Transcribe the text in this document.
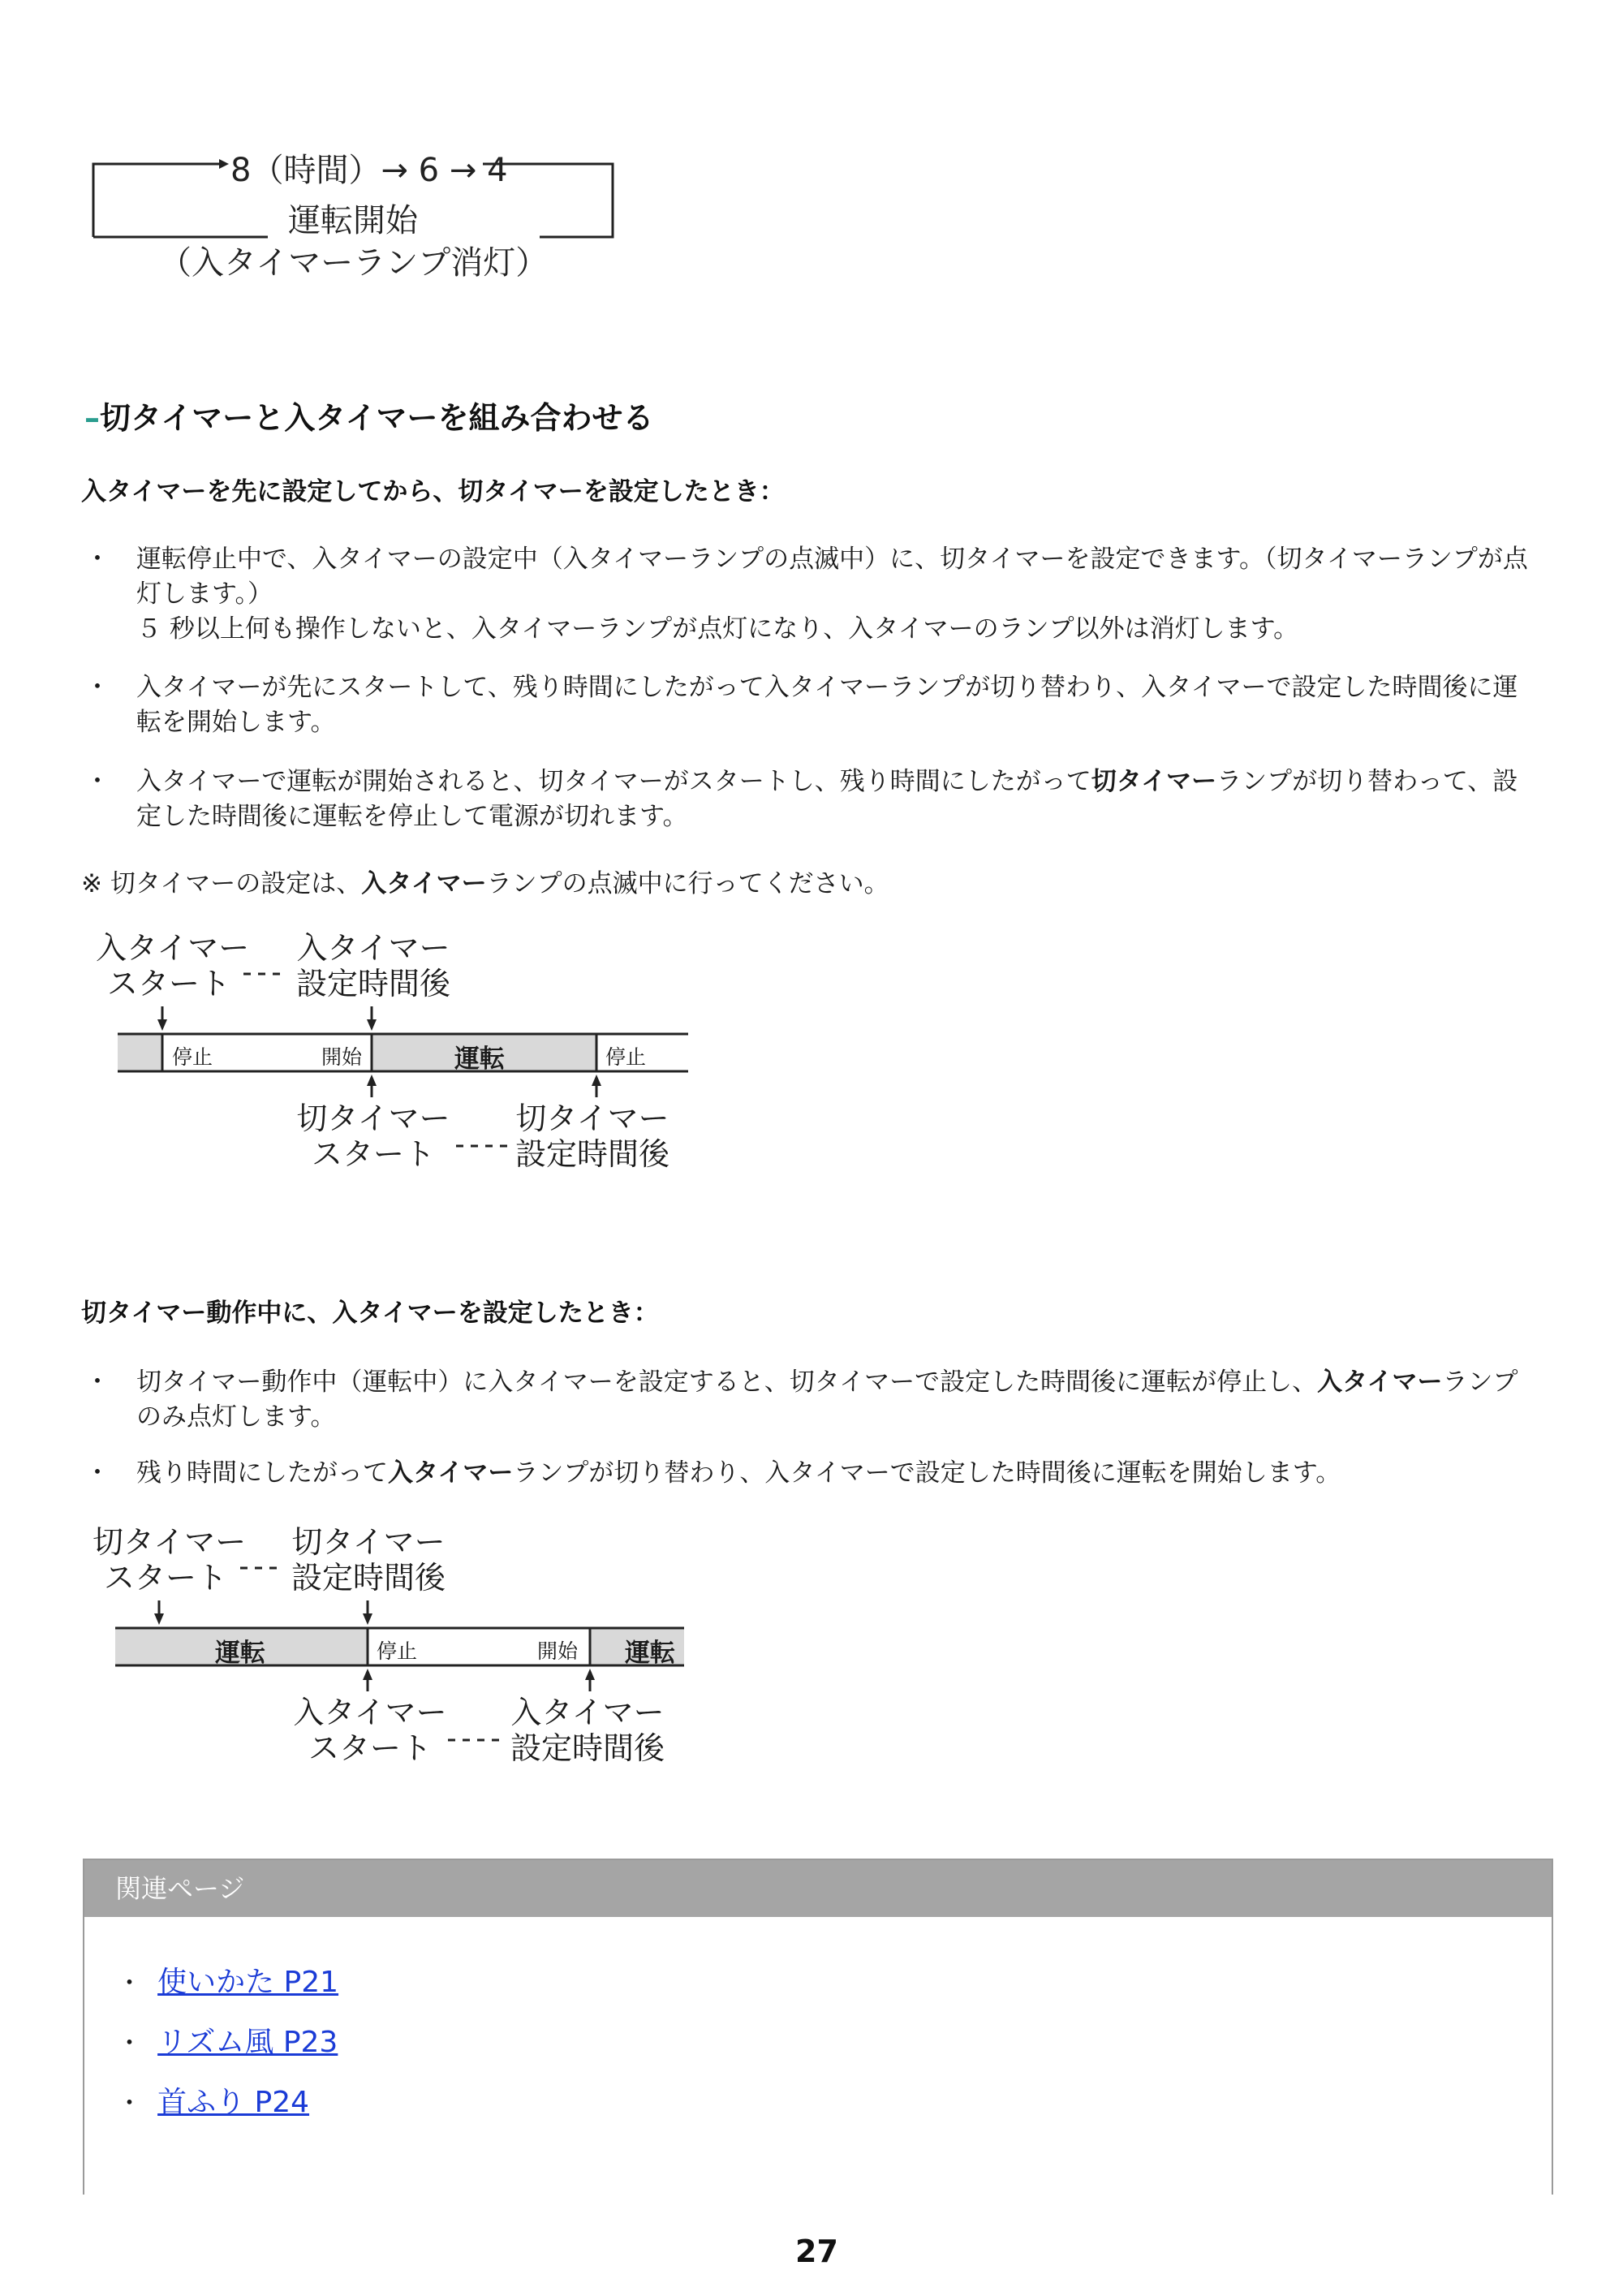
8（時間）→ 6 → 4
運転開始
（入タイマーランプ消灯）
–切タイマーと入タイマーを組み合わせる
入タイマーを先に設定してから、切タイマーを設定したとき：
・ 運転停止中で、入タイマーの設定中（入タイマーランプの点滅中）に、切タイマーを設定できます。（切タイマーランプが点
灯します。）
５ 秒以上何も操作しないと、入タイマーランプが点灯になり、入タイマーのランプ以外は消灯します。
・ 入タイマーが先にスタートして、残り時間にしたがって入タイマーランプが切り替わり、入タイマーで設定した時間後に運
転を開始します。
・ 入タイマーで運転が開始されると、切タイマーがスタートし、残り時間にしたがって切タイマーランプが切り替わって、設
定した時間後に運転を停止して電源が切れます。
※ 切タイマーの設定は、入タイマーランプの点滅中に行ってください。
入タイマー
スタート
入タイマー
設定時間後
切タイマー
スタート
切タイマー
設定時間後
停止	開始	運転	停止
切タイマー動作中に、入タイマーを設定したとき：
・ 切タイマー動作中（運転中）に入タイマーを設定すると、切タイマーで設定した時間後に運転が停止し、入タイマーランプ
のみ点灯します。
・ 残り時間にしたがって入タイマーランプが切り替わり、入タイマーで設定した時間後に運転を開始します。
切タイマー
スタート
切タイマー
設定時間後
入タイマー
スタート
入タイマー
設定時間後
運転	停止	開始 運転
関連ページ
・ 使いかた P21
・ リズム風 P23
・ 首ふり P24
27
